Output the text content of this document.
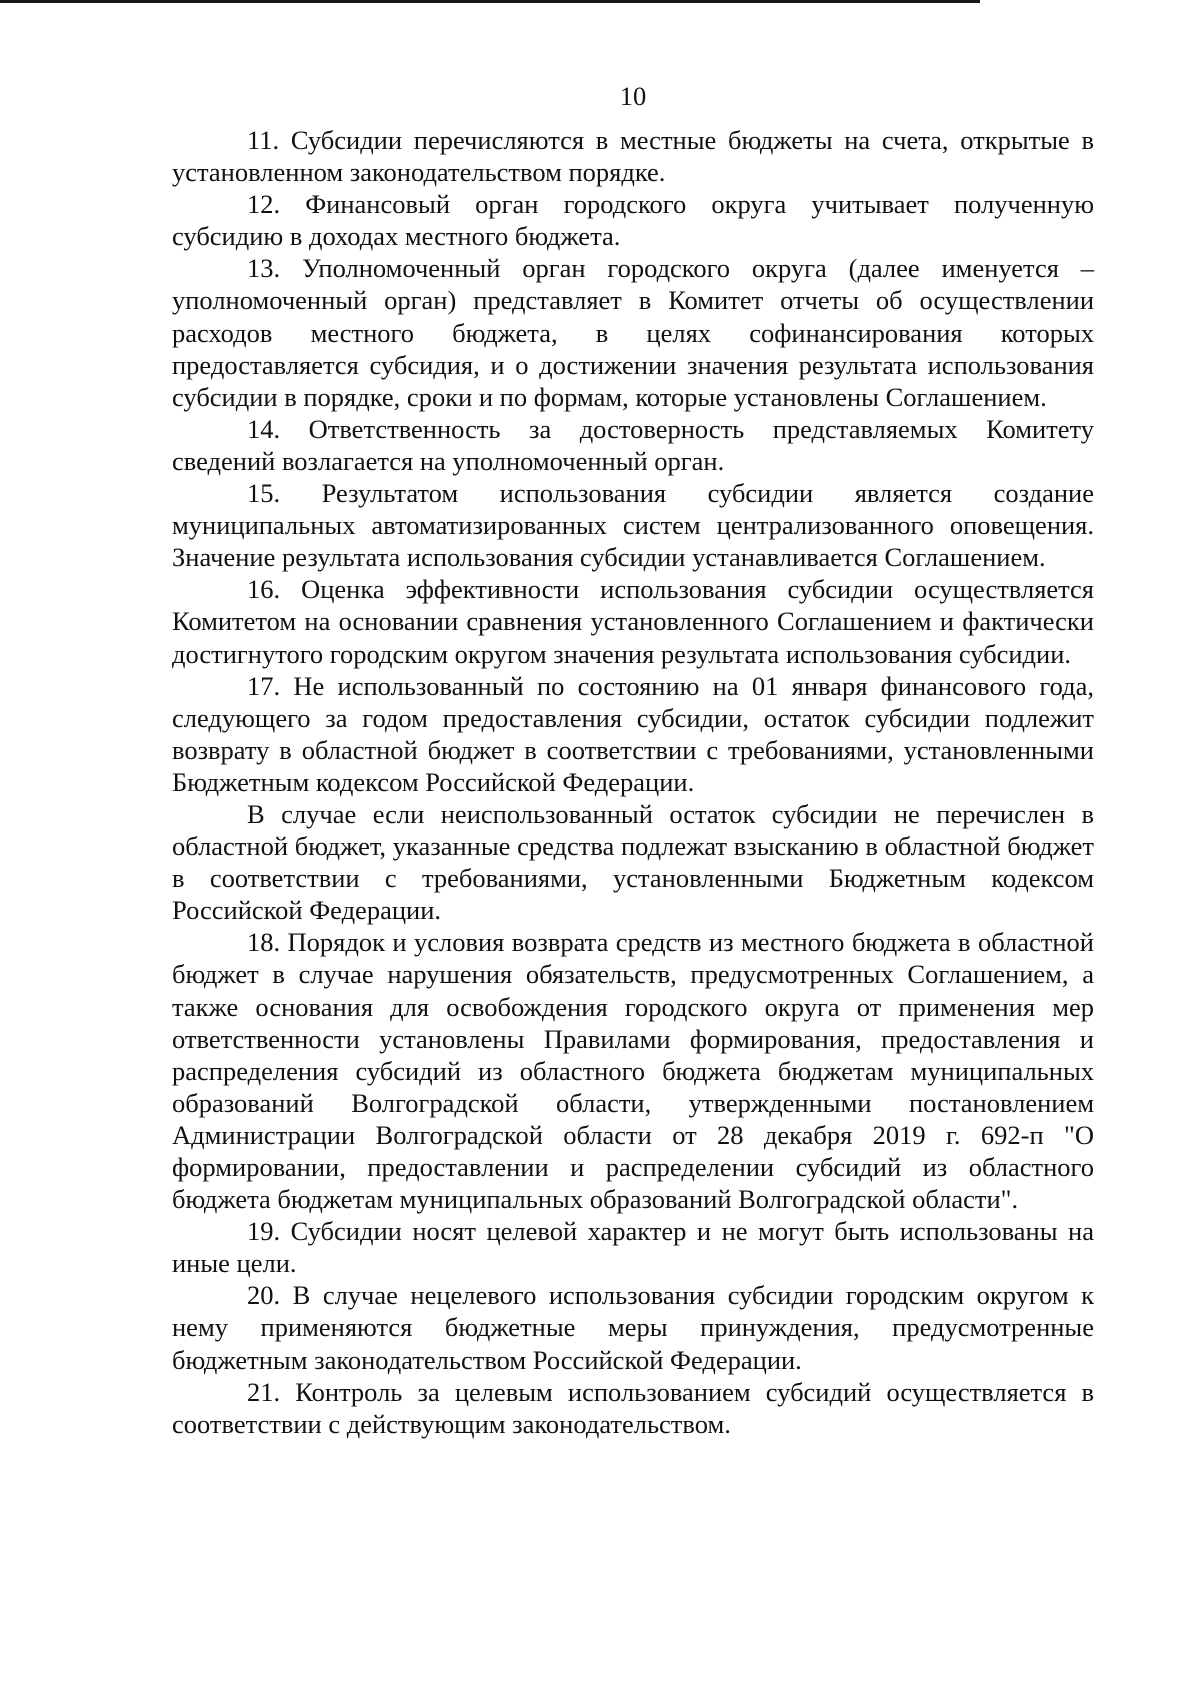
10

11. Субсидии перечисляются в местные бюджеты на счета, открытые в установленном законодательством порядке.

12. Финансовый орган городского округа учитывает полученную субсидию в доходах местного бюджета.

13. Уполномоченный орган городского округа (далее именуется – уполномоченный орган) представляет в Комитет отчеты об осуществлении расходов местного бюджета, в целях софинансирования которых предоставляется субсидия, и о достижении значения результата использования субсидии в порядке, сроки и по формам, которые установлены Соглашением.

14. Ответственность за достоверность представляемых Комитету сведений возлагается на уполномоченный орган.

15. Результатом использования субсидии является создание муниципальных автоматизированных систем централизованного оповещения. Значение результата использования субсидии устанавливается Соглашением.

16. Оценка эффективности использования субсидии осуществляется Комитетом на основании сравнения установленного Соглашением и фактически достигнутого городским округом значения результата использования субсидии.

17. Не использованный по состоянию на 01 января финансового года, следующего за годом предоставления субсидии, остаток субсидии подлежит возврату в областной бюджет в соответствии с требованиями, установленными Бюджетным кодексом Российской Федерации.

В случае если неиспользованный остаток субсидии не перечислен в областной бюджет, указанные средства подлежат взысканию в областной бюджет в соответствии с требованиями, установленными Бюджетным кодексом Российской Федерации.

18. Порядок и условия возврата средств из местного бюджета в областной бюджет в случае нарушения обязательств, предусмотренных Соглашением, а также основания для освобождения городского округа от применения мер ответственности установлены Правилами формирования, предоставления и распределения субсидий из областного бюджета бюджетам муниципальных образований Волгоградской области, утвержденными постановлением Администрации Волгоградской области от 28 декабря 2019 г. 692-п "О формировании, предоставлении и распределении субсидий из областного бюджета бюджетам муниципальных образований Волгоградской области".

19. Субсидии носят целевой характер и не могут быть использованы на иные цели.

20. В случае нецелевого использования субсидии городским округом к нему применяются бюджетные меры принуждения, предусмотренные бюджетным законодательством Российской Федерации.

21. Контроль за целевым использованием субсидий осуществляется в соответствии с действующим законодательством.
